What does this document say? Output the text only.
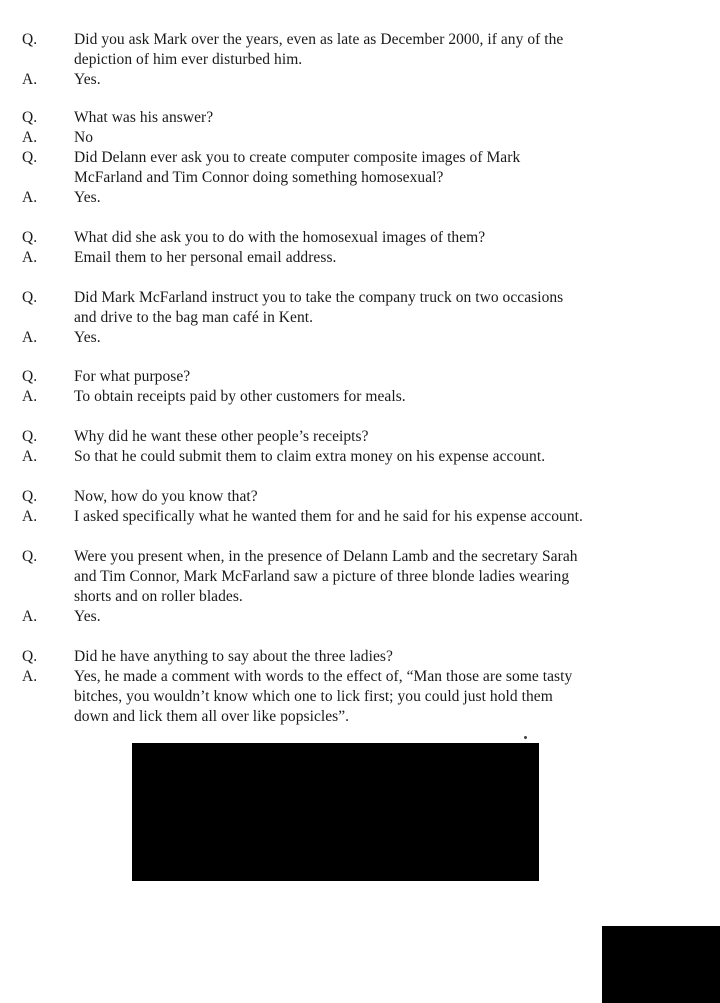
Q. Did you ask Mark over the years, even as late as December 2000, if any of the
depiction of him ever disturbed him.
A. Yes.
Q. What was his answer?
A. No
Q. Did Delann ever ask you to create computer composite images of Mark
McFarland and Tim Connor doing something homosexual?
A. Yes.
Q. What did she ask you to do with the homosexual images of them?
A. Email them to her personal email address.
Q. Did Mark McFarland instruct you to take the company truck on two occasions
and drive to the bag man café in Kent.
A. Yes.
Q. For what purpose?
A. To obtain receipts paid by other customers for meals.
Q. Why did he want these other people’s receipts?
A. So that he could submit them to claim extra money on his expense account.
Q. Now, how do you know that?
A. I asked specifically what he wanted them for and he said for his expense account.
Q. Were you present when, in the presence of Delann Lamb and the secretary Sarah
and Tim Connor, Mark McFarland saw a picture of three blonde ladies wearing
shorts and on roller blades.
A. Yes.
Q. Did he have anything to say about the three ladies?
A. Yes, he made a comment with words to the effect of, “Man those are some tasty
bitches, you wouldn’t know which one to lick first; you could just hold them
down and lick them all over like popsicles”.
